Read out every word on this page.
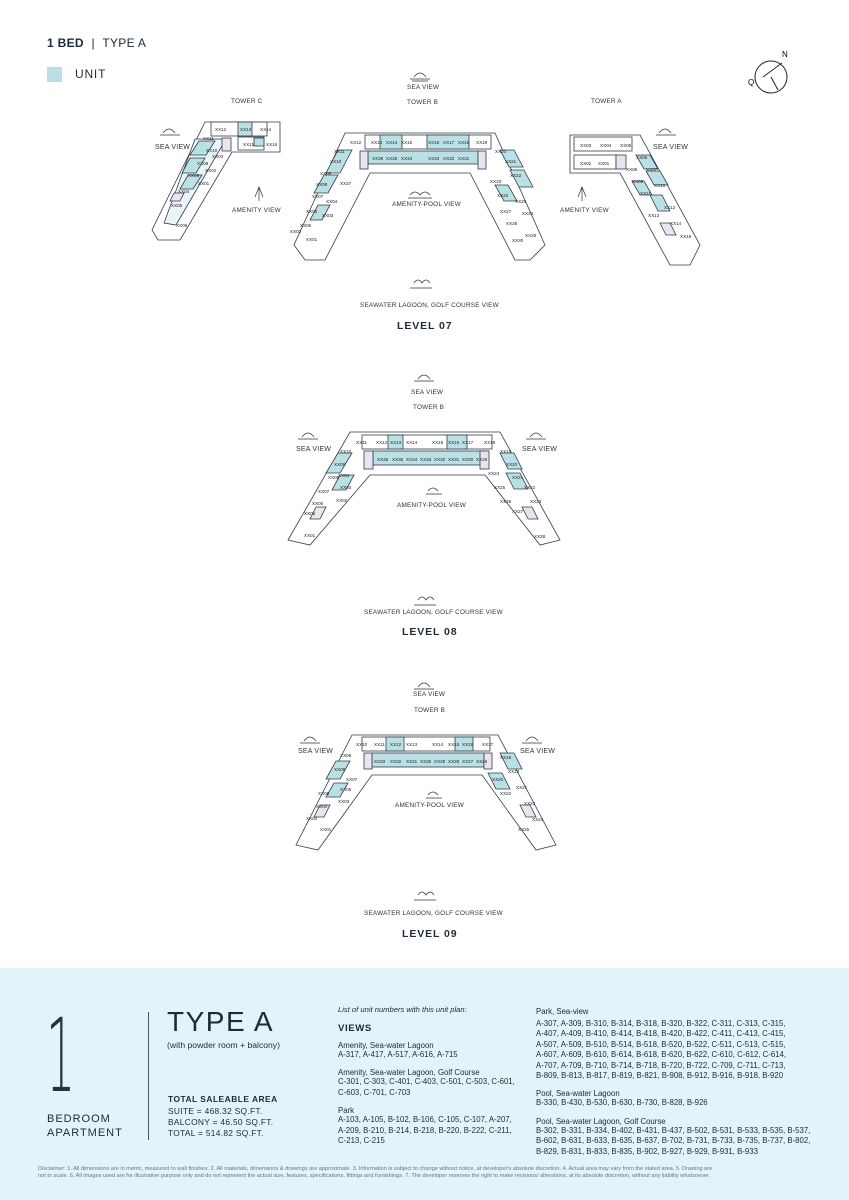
1 BED | TYPE A
UNIT
N
Q
XX12	XX13 XX14
XX15	XX16
XX11
XX10
XX09
XX08
XX03
XX02
XX01
XX04
XX05
XX06
XX12 XX13 XX14 XX15	XX16 XX17 XX18 XX19
XX36 XX35 XX34	XX33 XX32 XX31
XX11
XX10
XX09
XX08
XX07
XX06
XX05
XX04
XX03
XX02
XX01
XX37
XX20
XX21
XX22
XX23
XX24
XX25
XX26
XX27
XX28
XX29
XX30
XX03 XX04 XX05
XX02 XX01
XX06
XX07
XX08
XX09
XX10
XX11
XX12
XX13
XX14
XX15
SEA VIEW
TOWER C	TOWER B	TOWER A
SEA VIEW	SEA VIEW
AMENITY VIEW	AMENITY VIEW
AMENITY-POOL VIEW
SEAWATER LAGOON, GOLF COURSE VIEW
LEVEL 07
XX11 XX12 XX13 XX14	XX15 XX16 XX17 XX18
XX36 XX35 XX34 XX33 XX32 XX31 XX30 XX29
XX10
XX09
XX08
XX07
XX06
XX05
XX04
XX03
XX02
XX01
XX19
XX20
XX21
XX22
XX23
XX24
XX25
XX26
XX27
XX28
SEA VIEW
TOWER B
SEA VIEW	SEA VIEW
AMENITY-POOL VIEW
SEAWATER LAGOON, GOLF COURSE VIEW
LEVEL 08
XX10 XX11 XX12 XX13	XX14 XX15 XX16 XX17
XX33 XX32 XX31 XX30 XX29 XX28 XX27 XX26
XX09
XX08
XX07
XX06
XX05
XX04
XX03
XX02
XX01
XX18
XX19
XX20
XX21
XX22
XX23
XX24
XX25
SEA VIEW
TOWER B
SEA VIEW	SEA VIEW
AMENITY-POOL VIEW
SEAWATER LAGOON, GOLF COURSE VIEW
LEVEL 09
1
BEDROOM
APARTMENT
TYPE A
(with powder room + balcony)
TOTAL SALEABLE AREA
SUITE = 468.32 SQ.FT.
BALCONY = 46.50 SQ.FT.
TOTAL = 514.82 SQ.FT.
List of unit numbers with this unit plan:
VIEWS
Amenity, Sea-water Lagoon
A-317, A-417, A-517, A-616, A-715
Amenity, Sea-water Lagoon, Golf Course
C-301, C-303, C-401, C-403, C-501, C-503, C-601,
C-603, C-701, C-703
Park
A-103, A-105, B-102, B-106, C-105, C-107, A-207,
A-209, B-210, B-214, B-218, B-220, B-222, C-211,
C-213, C-215
Park, Sea-view
A-307, A-309, B-310, B-314, B-318, B-320, B-322, C-311, C-313, C-315,
A-407, A-409, B-410, B-414, B-418, B-420, B-422, C-411, C-413, C-415,
A-507, A-509, B-510, B-514, B-518, B-520, B-522, C-511, C-513, C-515,
A-607, A-609, B-610, B-614, B-618, B-620, B-622, C-610, C-612, C-614,
A-707, A-709, B-710, B-714, B-718, B-720, B-722, C-709, C-711, C-713,
B-809, B-813, B-817, B-819, B-821, B-908, B-912, B-916, B-918, B-920
Pool, Sea-water Lagoon
B-330, B-430, B-530, B-630, B-730, B-828, B-926
Pool, Sea-water Lagoon, Golf Course
B-302, B-331, B-334, B-402, B-431, B-437, B-502, B-531, B-533, B-535, B-537,
B-602, B-631, B-633, B-635, B-637, B-702, B-731, B-733, B-735, B-737, B-802,
B-829, B-831, B-833, B-835, B-902, B-927, B-929, B-931, B-933
Disclaimer: 1. All dimensions are in metric, measured to wall finishes. 2. All materials, dimensions & drawings are approximate. 3. Information is subject to change without notice, at developer's absolute discretion. 4. Actual area may vary from the stated area. 5. Drawing are
not to scale. 6. All images used are for illustrative purpose only and do not represent the actual size, features, specifications, fittings and furnishings. 7. The developer reserves the right to make revisions/ alterations, at its absolute discretion, without any liability whatsoever.
